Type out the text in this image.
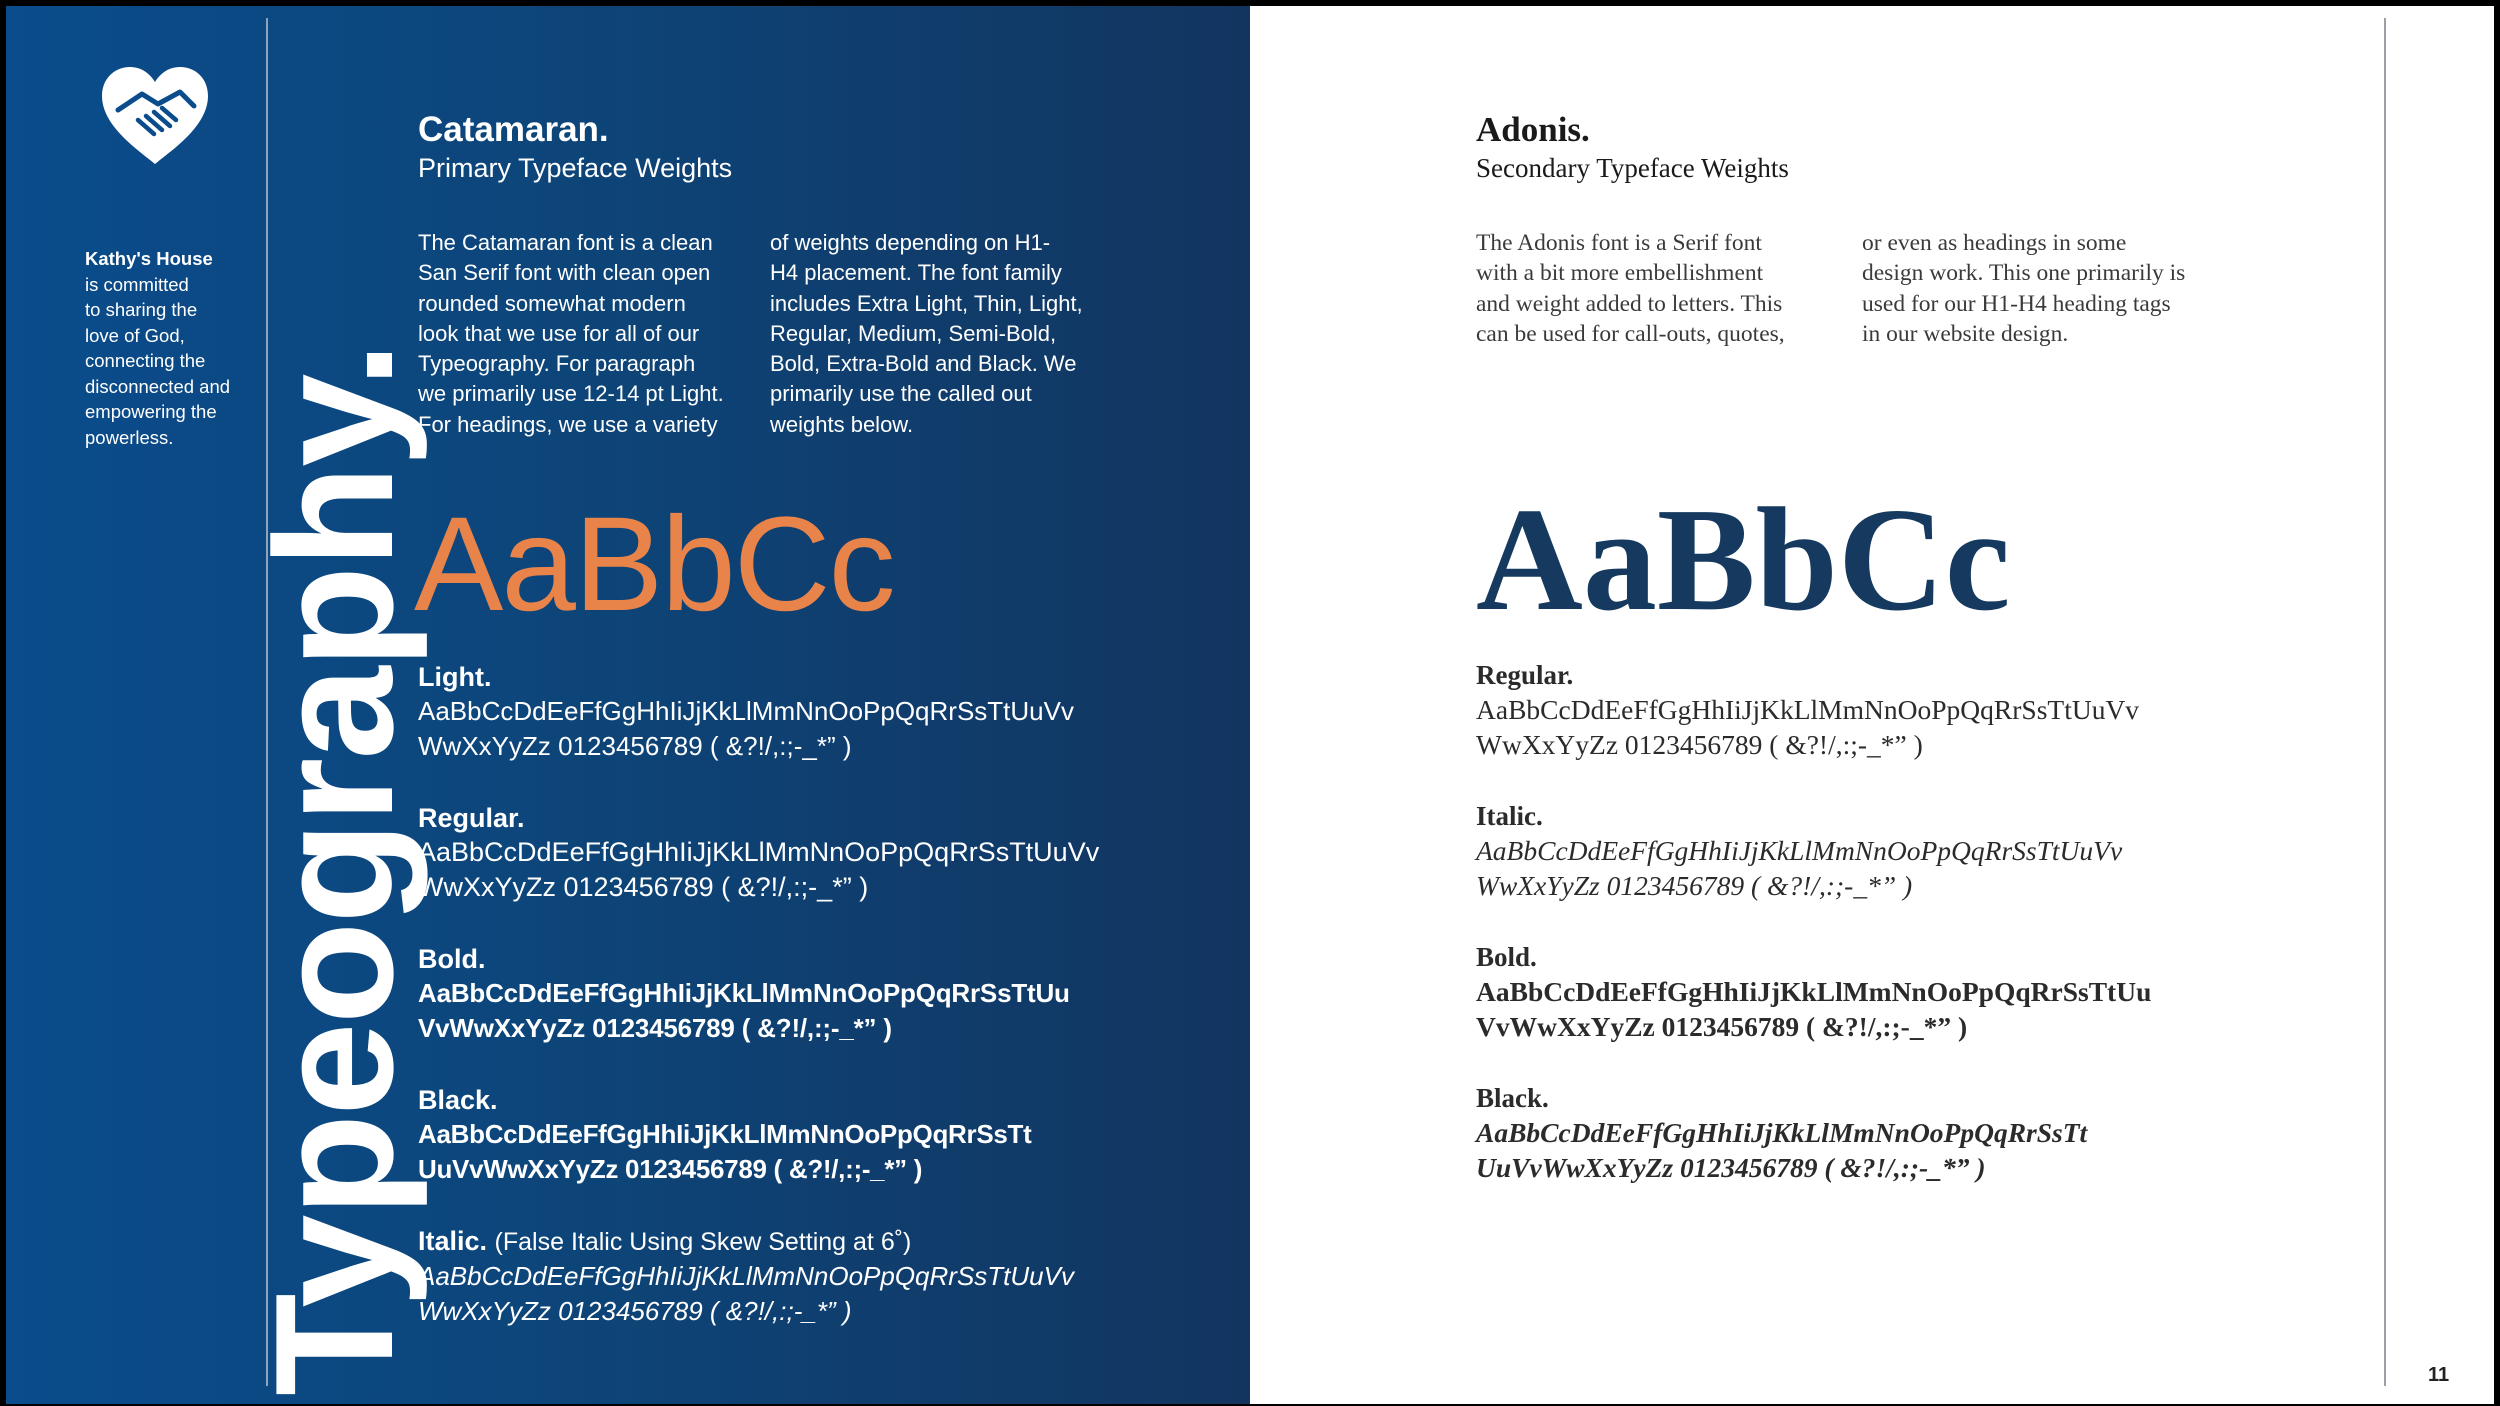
Kathy's House
is committed
to sharing the
love of God,
connecting the
disconnected and
empowering the
powerless. Typeography.
Catamaran.
Primary Typeface Weights
The Catamaran font is a clean
San Serif font with clean open
rounded somewhat modern
look that we use for all of our
Typeography. For paragraph
we primarily use 12-14 pt Light.
For headings, we use a variety
of weights depending on H1-
H4 placement. The font family
includes Extra Light, Thin, Light,
Regular, Medium, Semi-Bold,
Bold, Extra-Bold and Black. We
primarily use the called out
weights below.
AaBbCc
Light.
AaBbCcDdEeFfGgHhIiJjKkLlMmNnOoPpQqRrSsTtUuVv
WwXxYyZz 0123456789 ( &?!/,:;-_*” )
Regular.
AaBbCcDdEeFfGgHhIiJjKkLlMmNnOoPpQqRrSsTtUuVv
WwXxYyZz 0123456789 ( &?!/,:;-_*” )
Bold.
AaBbCcDdEeFfGgHhIiJjKkLlMmNnOoPpQqRrSsTtUu
VvWwXxYyZz 0123456789 ( &?!/,:;-_*” )
Black.
AaBbCcDdEeFfGgHhIiJjKkLlMmNnOoPpQqRrSsTt
UuVvWwXxYyZz 0123456789 ( &?!/,:;-_*” )
Italic. (False Italic Using Skew Setting at 6˚)
AaBbCcDdEeFfGgHhIiJjKkLlMmNnOoPpQqRrSsTtUuVv
WwXxYyZz 0123456789 ( &?!/,:;-_*” )
Adonis.
Secondary Typeface Weights
The Adonis font is a Serif font
with a bit more embellishment
and weight added to letters. This
can be used for call-outs, quotes,
or even as headings in some
design work. This one primarily is
used for our H1-H4 heading tags
in our website design.
AaBbCc
Regular.
AaBbCcDdEeFfGgHhIiJjKkLlMmNnOoPpQqRrSsTtUuVv
WwXxYyZz 0123456789 ( &?!/,:;-_*” )
Italic.
AaBbCcDdEeFfGgHhIiJjKkLlMmNnOoPpQqRrSsTtUuVv
WwXxYyZz 0123456789 ( &?!/,:;-_*” )
Bold.
AaBbCcDdEeFfGgHhIiJjKkLlMmNnOoPpQqRrSsTtUu
VvWwXxYyZz 0123456789 ( &?!/,:;-_*” )
Black.
AaBbCcDdEeFfGgHhIiJjKkLlMmNnOoPpQqRrSsTt
UuVvWwXxYyZz 0123456789 ( &?!/,:;-_*” )
11
